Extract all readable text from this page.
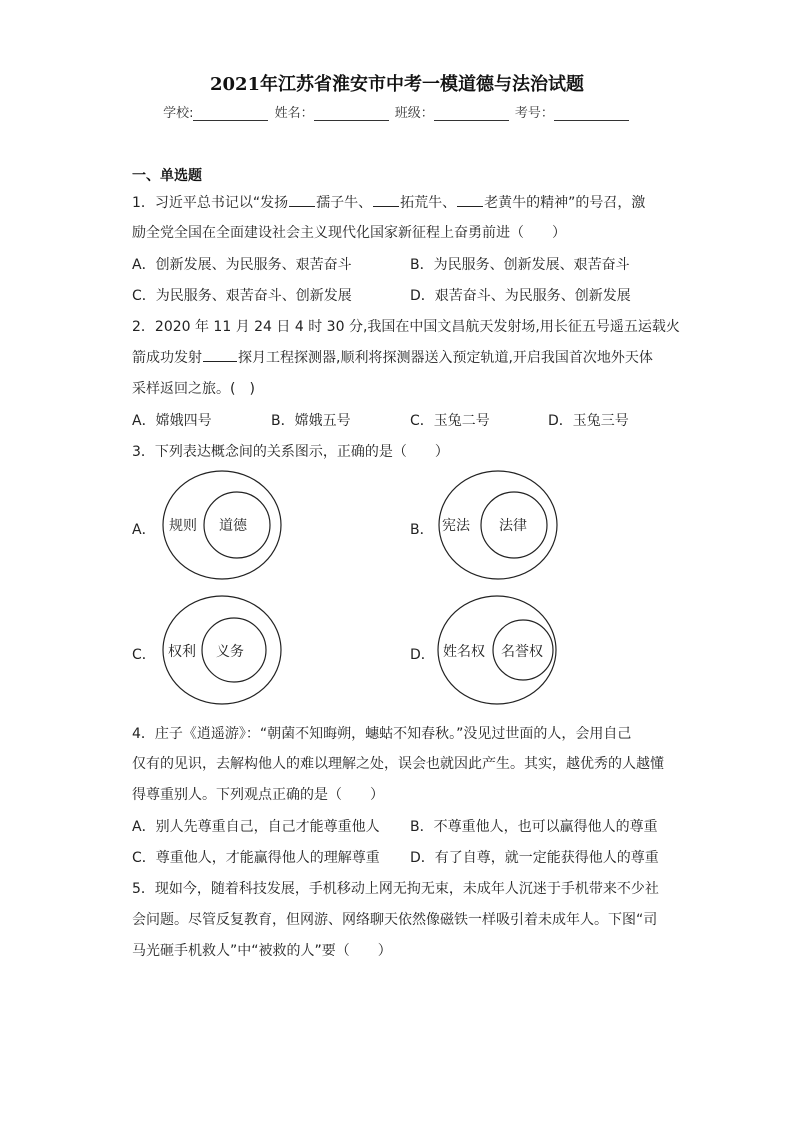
2021年江苏省淮安市中考一模道德与法治试题
学校:	姓名：	班级：	考号：
一、单选题
1．习近平总书记以“发扬 孺子牛、 拓荒牛、 老黄牛的精神”的号召，激
励全党全国在全面建设社会主义现代化国家新征程上奋勇前进（　　）
A．创新发展、为民服务、艰苦奋斗	B．为民服务、创新发展、艰苦奋斗
C．为民服务、艰苦奋斗、创新发展	D．艰苦奋斗、为民服务、创新发展
2．2020 年 11 月 24 日 4 时 30 分,我国在中国文昌航天发射场,用长征五号遥五运载火
箭成功发射	探月工程探测器,顺利将探测器送入预定轨道,开启我国首次地外天体
采样返回之旅。(　)
A．嫦娥四号	B．嫦娥五号	C．玉兔二号	D．玉兔三号
3．下列表达概念间的关系图示，正确的是（　　）
A． 规则 道德	B． 宪法 法律
C． 权利 义务	D． 姓名权 名誉权
4．庄子《逍遥游》：“朝菌不知晦朔，蟪蛄不知春秋。”没见过世面的人，会用自己
仅有的见识，去解构他人的难以理解之处，误会也就因此产生。其实，越优秀的人越懂
得尊重别人。下列观点正确的是（　　）
A．别人先尊重自己，自己才能尊重他人 B．不尊重他人，也可以赢得他人的尊重
C．尊重他人，才能赢得他人的理解尊重 D．有了自尊，就一定能获得他人的尊重
5．现如今，随着科技发展，手机移动上网无拘无束，未成年人沉迷于手机带来不少社
会问题。尽管反复教育，但网游、网络聊天依然像磁铁一样吸引着未成年人。下图“司
马光砸手机救人”中“被救的人”要（　　）
